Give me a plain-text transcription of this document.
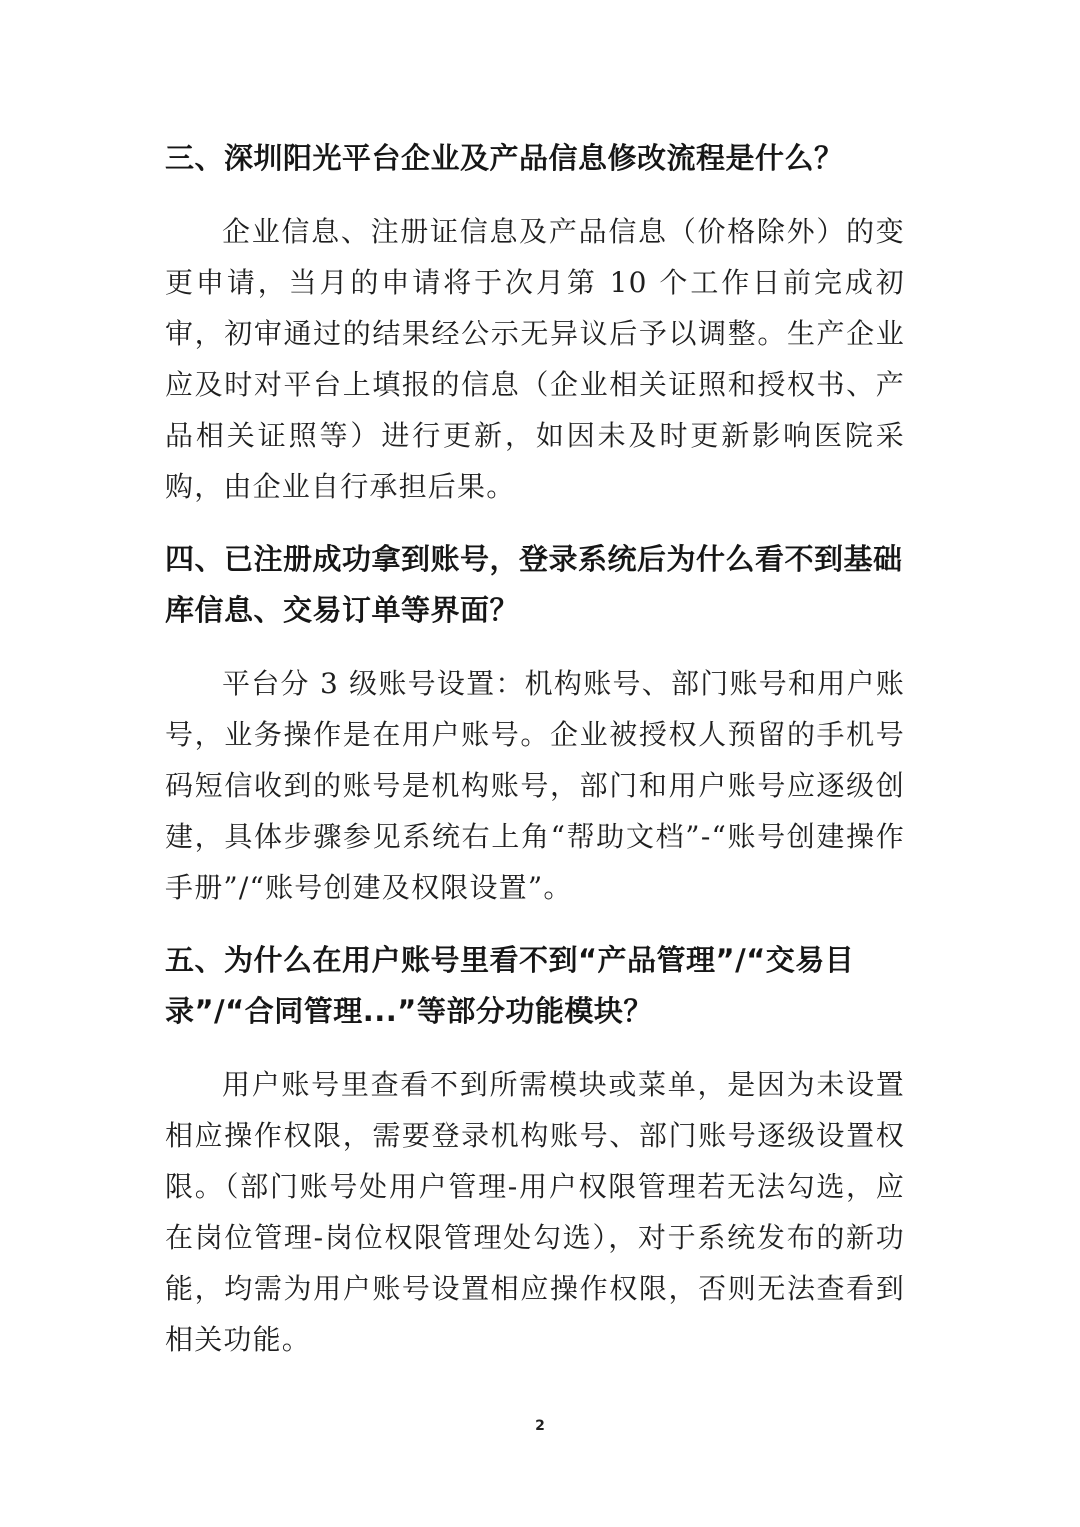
三、深圳阳光平台企业及产品信息修改流程是什么？

企业信息、注册证信息及产品信息（价格除外）的变更申请，当月的申请将于次月第 10 个工作日前完成初审，初审通过的结果经公示无异议后予以调整。生产企业应及时对平台上填报的信息（企业相关证照和授权书、产品相关证照等）进行更新，如因未及时更新影响医院采购，由企业自行承担后果。

四、已注册成功拿到账号，登录系统后为什么看不到基础库信息、交易订单等界面？

平台分 3 级账号设置：机构账号、部门账号和用户账号，业务操作是在用户账号。企业被授权人预留的手机号码短信收到的账号是机构账号，部门和用户账号应逐级创建，具体步骤参见系统右上角“帮助文档”-“账号创建操作手册”/“账号创建及权限设置”。

五、为什么在用户账号里看不到“产品管理”/“交易目录”/“合同管理...”等部分功能模块？

用户账号里查看不到所需模块或菜单，是因为未设置相应操作权限，需要登录机构账号、部门账号逐级设置权限。（部门账号处用户管理-用户权限管理若无法勾选，应在岗位管理-岗位权限管理处勾选），对于系统发布的新功能，均需为用户账号设置相应操作权限，否则无法查看到相关功能。

2
